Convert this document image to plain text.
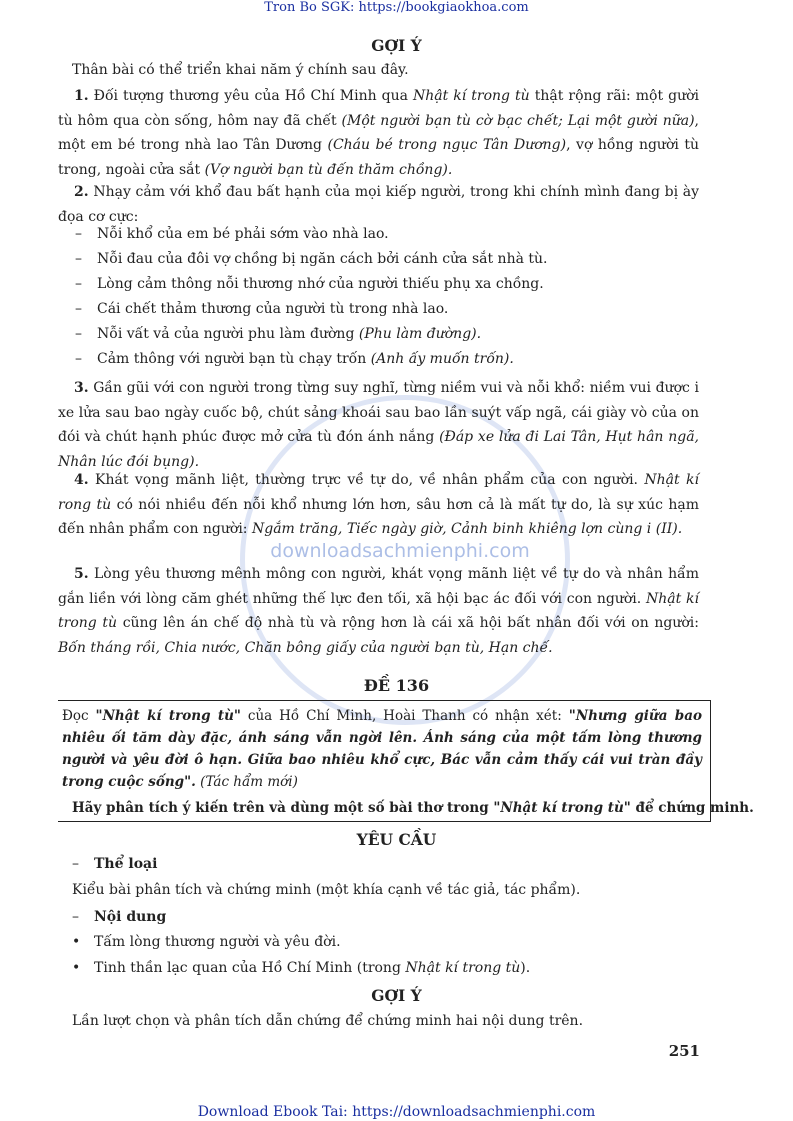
Tron Bo SGK: https://bookgiaokhoa.com
downloadsachmienphi.com
GỢI Ý
Thân bài có thể triển khai năm ý chính sau đây.

1. Đối tượng thương yêu của Hồ Chí Minh qua Nhật kí trong tù thật rộng rãi: một gười tù hôm qua còn sống, hôm nay đã chết (Một người bạn tù cờ bạc chết; Lại một gười nữa), một em bé trong nhà lao Tân Dương (Cháu bé trong ngục Tân Dương), vợ hồng người tù trong, ngoài cửa sắt (Vợ người bạn tù đến thăm chồng).

2. Nhạy cảm với khổ đau bất hạnh của mọi kiếp người, trong khi chính mình đang bị ày đọa cơ cực:

– Nỗi khổ của em bé phải sớm vào nhà lao.
– Nỗi đau của đôi vợ chồng bị ngăn cách bởi cánh cửa sắt nhà tù.
– Lòng cảm thông nỗi thương nhớ của người thiếu phụ xa chồng.
– Cái chết thảm thương của người tù trong nhà lao.
– Nỗi vất vả của người phu làm đường (Phu làm đường).
– Cảm thông với người bạn tù chạy trốn (Anh ấy muốn trốn).

3. Gần gũi với con người trong từng suy nghĩ, từng niềm vui và nỗi khổ: niềm vui được i xe lửa sau bao ngày cuốc bộ, chút sảng khoái sau bao lần suýt vấp ngã, cái giày vò của on đói và chút hạnh phúc được mở cửa tù đón ánh nắng (Đáp xe lửa đi Lai Tân, Hụt hân ngã, Nhân lúc đói bụng).

4. Khát vọng mãnh liệt, thường trực về tự do, về nhân phẩm của con người. Nhật kí rong tù có nói nhiều đến nỗi khổ nhưng lớn hơn, sâu hơn cả là mất tự do, là sự xúc hạm đến nhân phẩm con người: Ngắm trăng, Tiếc ngày giờ, Cảnh binh khiêng lợn cùng i (II).

5. Lòng yêu thương mênh mông con người, khát vọng mãnh liệt về tự do và nhân hẩm gắn liền với lòng căm ghét những thế lực đen tối, xã hội bạc ác đối với con người. Nhật kí trong tù cũng lên án chế độ nhà tù và rộng hơn là cái xã hội bất nhân đối với on người: Bốn tháng rồi, Chia nước, Chăn bông giấy của người bạn tù, Hạn chế.

ĐỀ 136
Đọc "Nhật kí trong tù" của Hồ Chí Minh, Hoài Thanh có nhận xét: "Nhưng giữa bao nhiêu ối tăm dày đặc, ánh sáng vẫn ngời lên. Ánh sáng của một tấm lòng thương người và yêu đời ô hạn. Giữa bao nhiêu khổ cực, Bác vẫn cảm thấy cái vui tràn đầy trong cuộc sống". (Tác hẩm mới)
Hãy phân tích ý kiến trên và dùng một số bài thơ trong "Nhật kí trong tù" để chứng minh.
YÊU CẦU
– Thể loại
Kiểu bài phân tích và chứng minh (một khía cạnh về tác giả, tác phẩm).
– Nội dung
• Tấm lòng thương người và yêu đời.
• Tinh thần lạc quan của Hồ Chí Minh (trong Nhật kí trong tù).
GỢI Ý
Lần lượt chọn và phân tích dẫn chứng để chứng minh hai nội dung trên.
251
Download Ebook Tai: https://downloadsachmienphi.com
